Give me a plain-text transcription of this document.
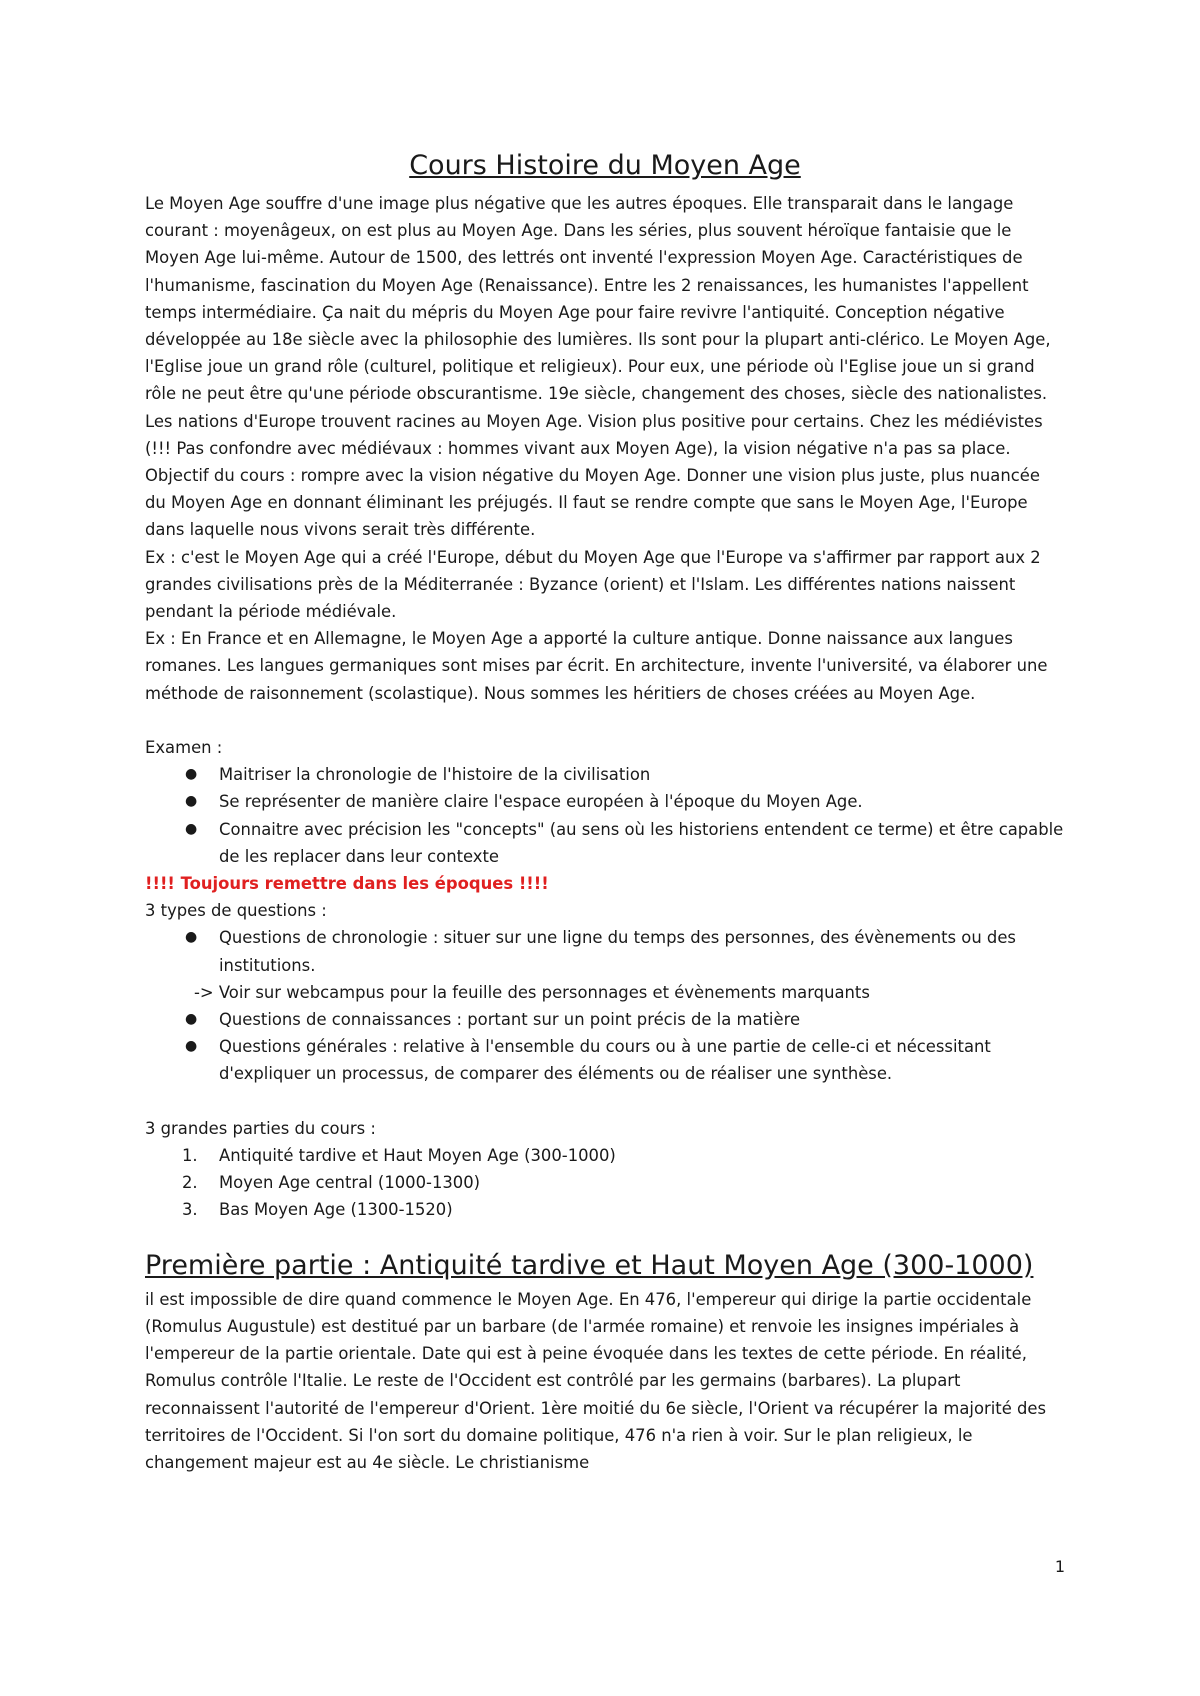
Cours Histoire du Moyen Age

Le Moyen Age souffre d'une image plus négative que les autres époques. Elle transparait dans le langage courant : moyenâgeux, on est plus au Moyen Age. Dans les séries, plus souvent héroïque fantaisie que le Moyen Age lui-même. Autour de 1500, des lettrés ont inventé l'expression Moyen Age. Caractéristiques de l'humanisme, fascination du Moyen Age (Renaissance). Entre les 2 renaissances, les humanistes l'appellent temps intermédiaire. Ça nait du mépris du Moyen Age pour faire revivre l'antiquité. Conception négative développée au 18e siècle avec la philosophie des lumières. Ils sont pour la plupart anti-clérico. Le Moyen Age, l'Eglise joue un grand rôle (culturel, politique et religieux). Pour eux, une période où l'Eglise joue un si grand rôle ne peut être qu'une période obscurantisme. 19e siècle, changement des choses, siècle des nationalistes. Les nations d'Europe trouvent racines au Moyen Age. Vision plus positive pour certains. Chez les médiévistes (!!! Pas confondre avec médiévaux : hommes vivant aux Moyen Age), la vision négative n'a pas sa place. Objectif du cours : rompre avec la vision négative du Moyen Age. Donner une vision plus juste, plus nuancée du Moyen Age en donnant éliminant les préjugés. Il faut se rendre compte que sans le Moyen Age, l'Europe dans laquelle nous vivons serait très différente.

Ex : c'est le Moyen Age qui a créé l'Europe, début du Moyen Age que l'Europe va s'affirmer par rapport aux 2 grandes civilisations près de la Méditerranée : Byzance (orient) et l'Islam. Les différentes nations naissent pendant la période médiévale.

Ex : En France et en Allemagne, le Moyen Age a apporté la culture antique. Donne naissance aux langues romanes. Les langues germaniques sont mises par écrit. En architecture, invente l'université, va élaborer une méthode de raisonnement (scolastique). Nous sommes les héritiers de choses créées au Moyen Age.

Examen :

● Maitriser la chronologie de l'histoire de la civilisation
● Se représenter de manière claire l'espace européen à l'époque du Moyen Age.
● Connaitre avec précision les "concepts" (au sens où les historiens entendent ce terme) et être capable de les replacer dans leur contexte

!!!! Toujours remettre dans les époques !!!!

3 types de questions :

● Questions de chronologie : situer sur une ligne du temps des personnes, des évènements ou des institutions.

-> Voir sur webcampus pour la feuille des personnages et évènements marquants

● Questions de connaissances : portant sur un point précis de la matière
● Questions générales : relative à l'ensemble du cours ou à une partie de celle-ci et nécessitant d'expliquer un processus, de comparer des éléments ou de réaliser une synthèse.

3 grandes parties du cours :

1. Antiquité tardive et Haut Moyen Age (300-1000)
2. Moyen Age central (1000-1300)
3. Bas Moyen Age (1300-1520)
Première partie : Antiquité tardive et Haut Moyen Age (300-1000)

il est impossible de dire quand commence le Moyen Age. En 476, l'empereur qui dirige la partie occidentale (Romulus Augustule) est destitué par un barbare (de l'armée romaine) et renvoie les insignes impériales à l'empereur de la partie orientale. Date qui est à peine évoquée dans les textes de cette période. En réalité, Romulus contrôle l'Italie. Le reste de l'Occident est contrôlé par les germains (barbares). La plupart reconnaissent l'autorité de l'empereur d'Orient. 1ère moitié du 6e siècle, l'Orient va récupérer la majorité des territoires de l'Occident. Si l'on sort du domaine politique, 476 n'a rien à voir. Sur le plan religieux, le changement majeur est au 4e siècle. Le christianisme

1
